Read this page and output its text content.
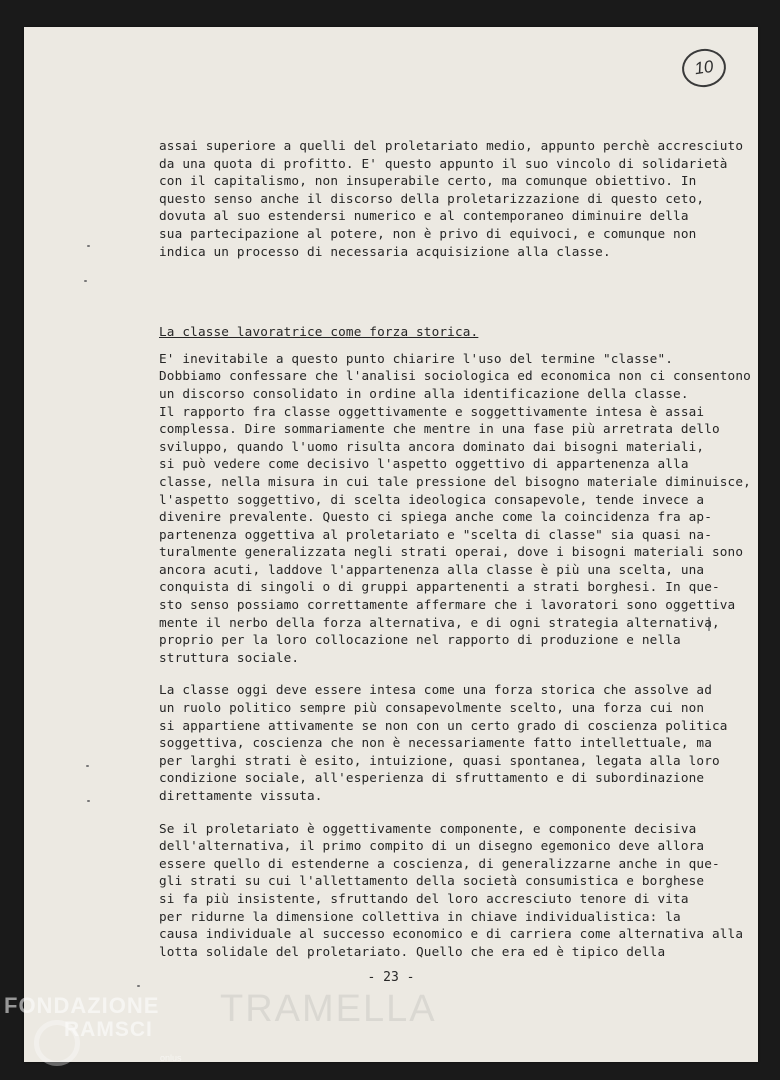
10
assai superiore a quelli del proletariato medio, appunto perchè accresciuto
da una quota di profitto. E' questo appunto il suo vincolo di solidarietà
con il capitalismo, non insuperabile certo, ma comunque obiettivo. In
questo senso anche il discorso della proletarizzazione di questo ceto,
dovuta al suo estendersi numerico e al contemporaneo diminuire della
sua partecipazione al potere, non è privo di equivoci, e comunque non
indica un processo di necessaria acquisizione alla classe.
La classe lavoratrice come forza storica.
E' inevitabile a questo punto chiarire l'uso del termine "classe".
Dobbiamo confessare che l'analisi sociologica ed economica non ci consentono
un discorso consolidato in ordine alla identificazione della classe.
Il rapporto fra classe oggettivamente e soggettivamente intesa è assai
complessa. Dire sommariamente che mentre in una fase più arretrata dello
sviluppo, quando l'uomo risulta ancora dominato dai bisogni materiali,
si può vedere come decisivo l'aspetto oggettivo di appartenenza alla
classe, nella misura in cui tale pressione del bisogno materiale diminuisce,
l'aspetto soggettivo, di scelta ideologica consapevole, tende invece a
divenire prevalente. Questo ci spiega anche come la coincidenza fra ap-
partenenza oggettiva al proletariato e "scelta di classe" sia quasi na-
turalmente generalizzata negli strati operai, dove i bisogni materiali sono
ancora acuti, laddove l'appartenenza alla classe è più una scelta, una
conquista di singoli o di gruppi appartenenti a strati borghesi. In que-
sto senso possiamo correttamente affermare che i lavoratori sono oggettiva
mente il nerbo della forza alternativa, e di ogni strategia alternativa,
proprio per la loro collocazione nel rapporto di produzione e nella
struttura sociale.
La classe oggi deve essere intesa come una forza storica che assolve ad
un ruolo politico sempre più consapevolmente scelto, una forza cui non
si appartiene attivamente se non con un certo grado di coscienza politica
soggettiva, coscienza che non è necessariamente fatto intellettuale, ma
per larghi strati è esito, intuizione, quasi spontanea, legata alla loro
condizione sociale, all'esperienza di sfruttamento e di subordinazione
direttamente vissuta.
Se il proletariato è oggettivamente componente, e componente decisiva
dell'alternativa, il primo compito di un disegno egemonico deve allora
essere quello di estenderne a coscienza, di generalizzarne anche in que-
gli strati su cui l'allettamento della società consumistica e borghese
si fa più insistente, sfruttando del loro accresciuto tenore di vita
per ridurne la dimensione collettiva in chiave individualistica: la
causa individuale al successo economico e di carriera come alternativa alla
lotta solidale del proletariato. Quello che era ed è tipico della
- 23 -
TRAMELLA
FONDAZIONE
RAMSCI
onlus
